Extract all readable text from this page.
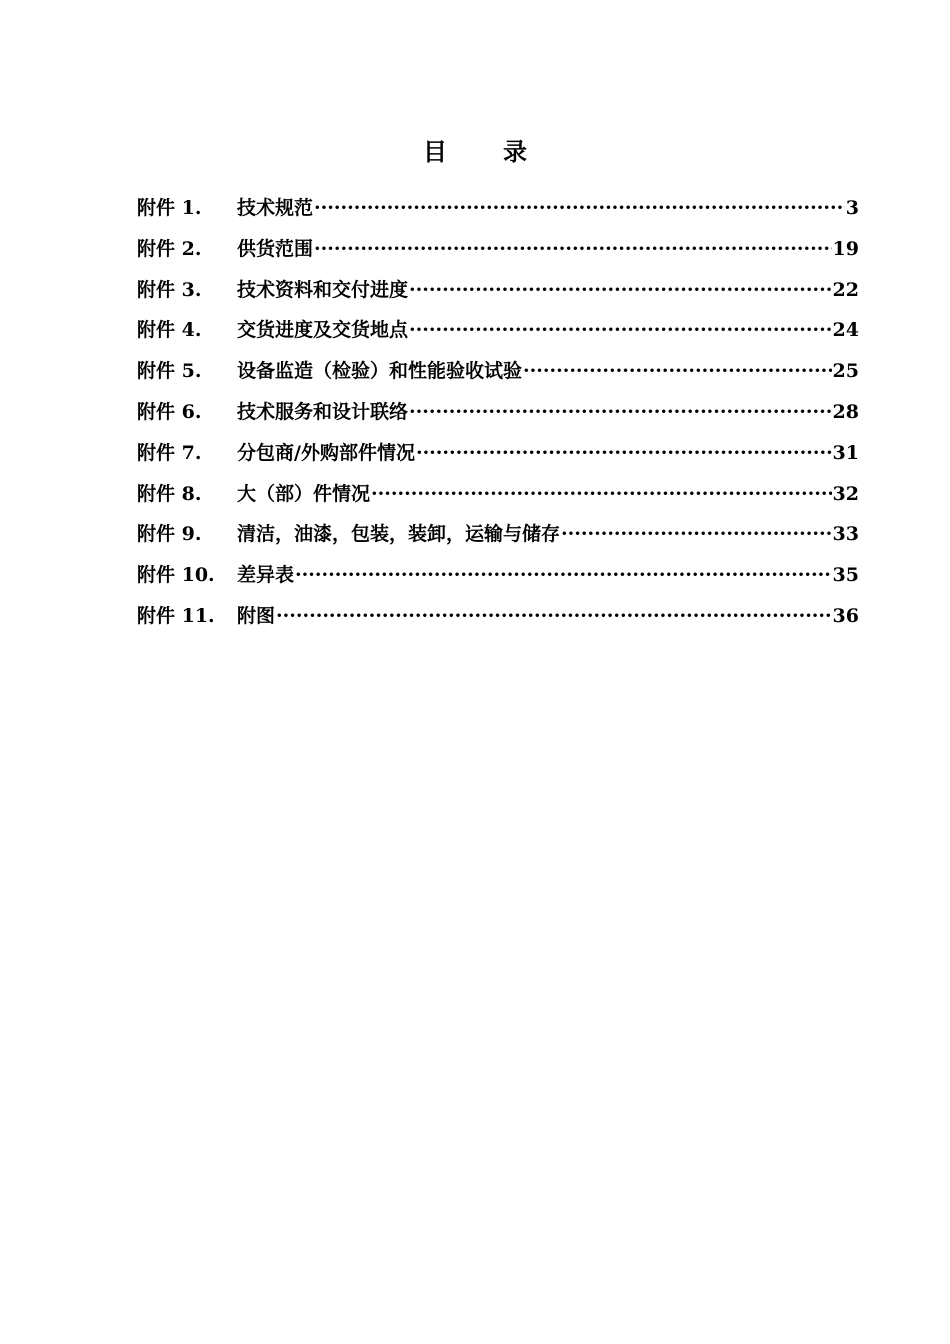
目录
附件 1.	技术规范 ·····	3
附件 2.	供货范围 ·····	19
附件 3.	技术资料和交付进度 ·····	22
附件 4.	交货进度及交货地点 ·····	24
附件 5.	设备监造（检验）和性能验收试验 ·····	25
附件 6.	技术服务和设计联络 ·····	28
附件 7.	分包商/外购部件情况 ·····	31
附件 8.	大（部）件情况 ·····	32
附件 9.	清洁，油漆，包装，装卸，运输与储存 ·····	33
附件 10.	差异表 ·····	35
附件 11.	附图 ·····	36
